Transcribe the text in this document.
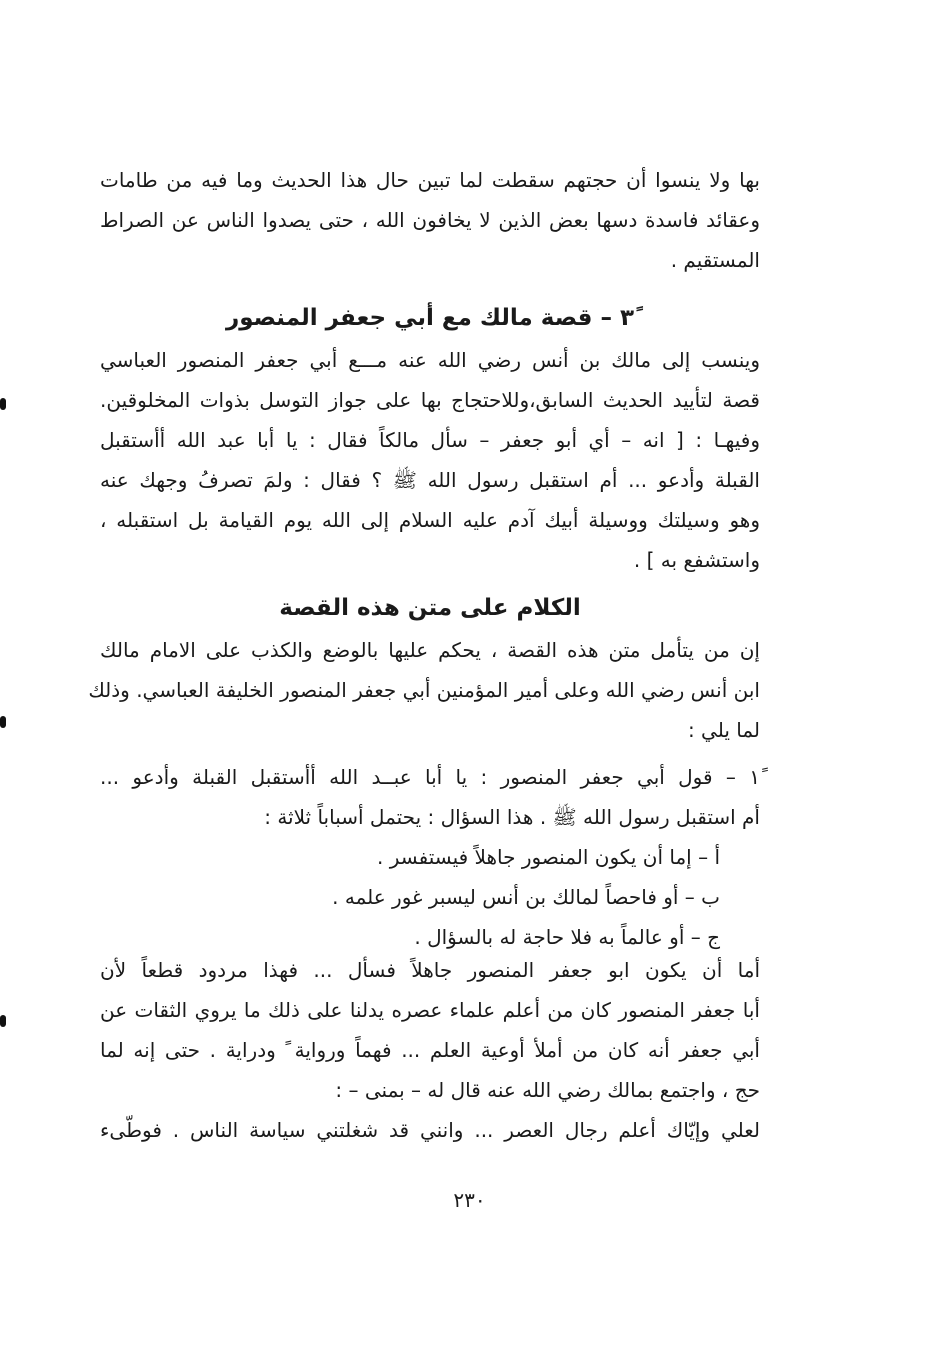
بها ولا ينسوا أن حجتهم سقطت لما تبين حال هذا الحديث وما فيه من طامات
وعقائد فاسدة دسها بعض الذين لا يخافون الله ، حتى يصدوا الناس عن الصراط
المستقيم .
٣ً – قصة مالك مع أبي جعفر المنصور
وينسب إلى مالك بن أنس رضي الله عنه مـــع أبي جعفر المنصور العباسي
قصة لتأييد الحديث السابق،وللاحتجاج بها على جواز التوسل بذوات المخلوقين.
وفيهـا : [ انه – أي أبو جعفر – سأل مالكاً فقال : يا أبا عبد الله أأستقبل
القبلة وأدعو ... أم استقبل رسول الله ﷺ ؟ فقال : ولمَ تصرفُ وجهك عنه
وهو وسيلتك ووسيلة أبيك آدم عليه السلام إلى الله يوم القيامة بل استقبله ،
واستشفع به ] .
الكلام على متن هذه القصة
إن من يتأمل متن هذه القصة ، يحكم عليها بالوضع والكذب على الامام مالك
ابن أنس رضي الله وعلى أمير المؤمنين أبي جعفر المنصور الخليفة العباسي. وذلك
لما يلي :
١ً – قول أبي جعفر المنصور : يا أبا عبــد الله أأستقبل القبلة وأدعو ...
أم استقبل رسول الله ﷺ . هذا السؤال : يحتمل أسباباً ثلاثة :
أ – إما أن يكون المنصور جاهلاً فيستفسر .
ب – أو فاحصاً لمالك بن أنس ليسبر غور علمه .
ج – أو عالماً به فلا حاجة له بالسؤال .
أما أن يكون ابو جعفر المنصور جاهلاً فسأل ... فهذا مردود قطعاً لأن
أبا جعفر المنصور كان من أعلم علماء عصره يدلنا على ذلك ما يروي الثقات عن
أبي جعفر أنه كان من أملأ أوعية العلم ... فهماً ورواية ً ودراية . حتى إنه لما
حج ، واجتمع بمالك رضي الله عنه قال له – بمنى – :
لعلي وإيّاك أعلم رجال العصر ... وانني قد شغلتني سياسة الناس . فوطّىء
٢٣٠
